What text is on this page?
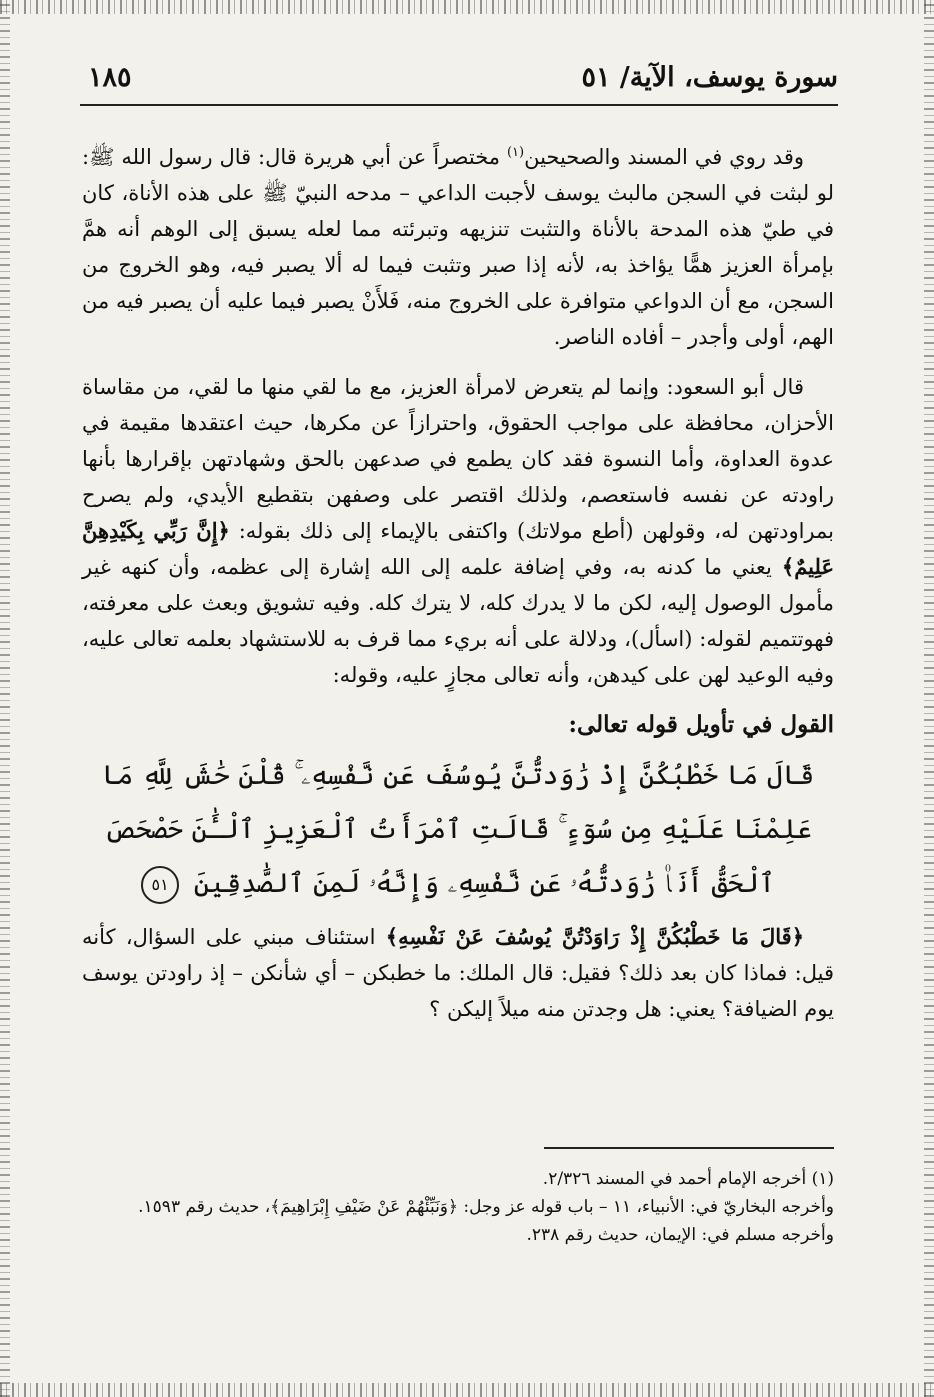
سورة يوسف، الآية/ ٥١
١٨٥

وقد روي في المسند والصحيحين$^{(١)}$ مختصراً عن أبي هريرة قال: قال رسول الله ﷺ: لو لبثت في السجن مالبث يوسف لأجبت الداعي – مدحه النبيّ ﷺ على هذه الأناة، كان في طيّ هذه المدحة بالأناة والتثبت تنزيهه وتبرئته مما لعله يسبق إلى الوهم أنه همَّ بإمرأة العزيز همًّا يؤاخذ به، لأنه إذا صبر وتثبت فيما له ألا يصبر فيه، وهو الخروج من السجن، مع أن الدواعي متوافرة على الخروج منه، فَلأَنْ يصبر فيما عليه أن يصبر فيه من الهم، أولى وأجدر – أفاده الناصر.

قال أبو السعود: وإنما لم يتعرض لامرأة العزيز، مع ما لقي منها ما لقي، من مقاساة الأحزان، محافظة على مواجب الحقوق، واحترازاً عن مكرها، حيث اعتقدها مقيمة في عدوة العداوة، وأما النسوة فقد كان يطمع في صدعهن بالحق وشهادتهن بإقرارها بأنها راودته عن نفسه فاستعصم، ولذلك اقتصر على وصفهن بتقطيع الأيدي، ولم يصرح بمراودتهن له، وقولهن (أطع مولاتك) واكتفى بالإيماء إلى ذلك بقوله: ﴿إِنَّ رَبِّي بِكَيْدِهِنَّ عَلِيمٌ﴾ يعني ما كدنه به، وفي إضافة علمه إلى الله إشارة إلى عظمه، وأن كنهه غير مأمول الوصول إليه، لكن ما لا يدرك كله، لا يترك كله. وفيه تشويق وبعث على معرفته، فهوتتميم لقوله: (اسأل)، ودلالة على أنه بريء مما قرف به للاستشهاد بعلمه تعالى عليه، وفيه الوعيد لهن على كيدهن، وأنه تعالى مجازٍ عليه، وقوله:

القول في تأويل قوله تعالى:
قَالَ مَا خَطْبُكُنَّ إِذْ رَٰوَدتُّنَّ يُوسُفَ عَن نَّفْسِهِۦ ۚ قُلْنَ حَٰشَ لِلَّهِ مَا عَلِمْنَا عَلَيْهِ مِن سُوٓءٍ ۚ قَالَتِ ٱمْرَأَتُ ٱلْعَزِيزِ ٱلْـَٰٔنَ حَصْحَصَ ٱلْحَقُّ أَنَا۠ رَٰوَدتُّهُۥ عَن نَّفْسِهِۦ وَإِنَّهُۥ لَمِنَ ٱلصَّٰدِقِينَ ٥١

﴿قَالَ مَا خَطْبُكُنَّ إِذْ رَاوَدْتُنَّ يُوسُفَ عَنْ نَفْسِهِ﴾ استئناف مبني على السؤال، كأنه قيل: فماذا كان بعد ذلك؟ فقيل: قال الملك: ما خطبكن – أي شأنكن – إذ راودتن يوسف يوم الضيافة؟ يعني: هل وجدتن منه ميلاً إليكن ؟

(١) أخرجه الإمام أحمد في المسند ٢/٣٢٦.

وأخرجه البخاريّ في: الأنبياء، ١١ – باب قوله عز وجل: ﴿وَنَبِّئْهُمْ عَنْ ضَيْفِ إِبْرَاهِيمَ﴾، حديث رقم ١٥٩٣.

وأخرجه مسلم في: الإيمان، حديث رقم ٢٣٨.
